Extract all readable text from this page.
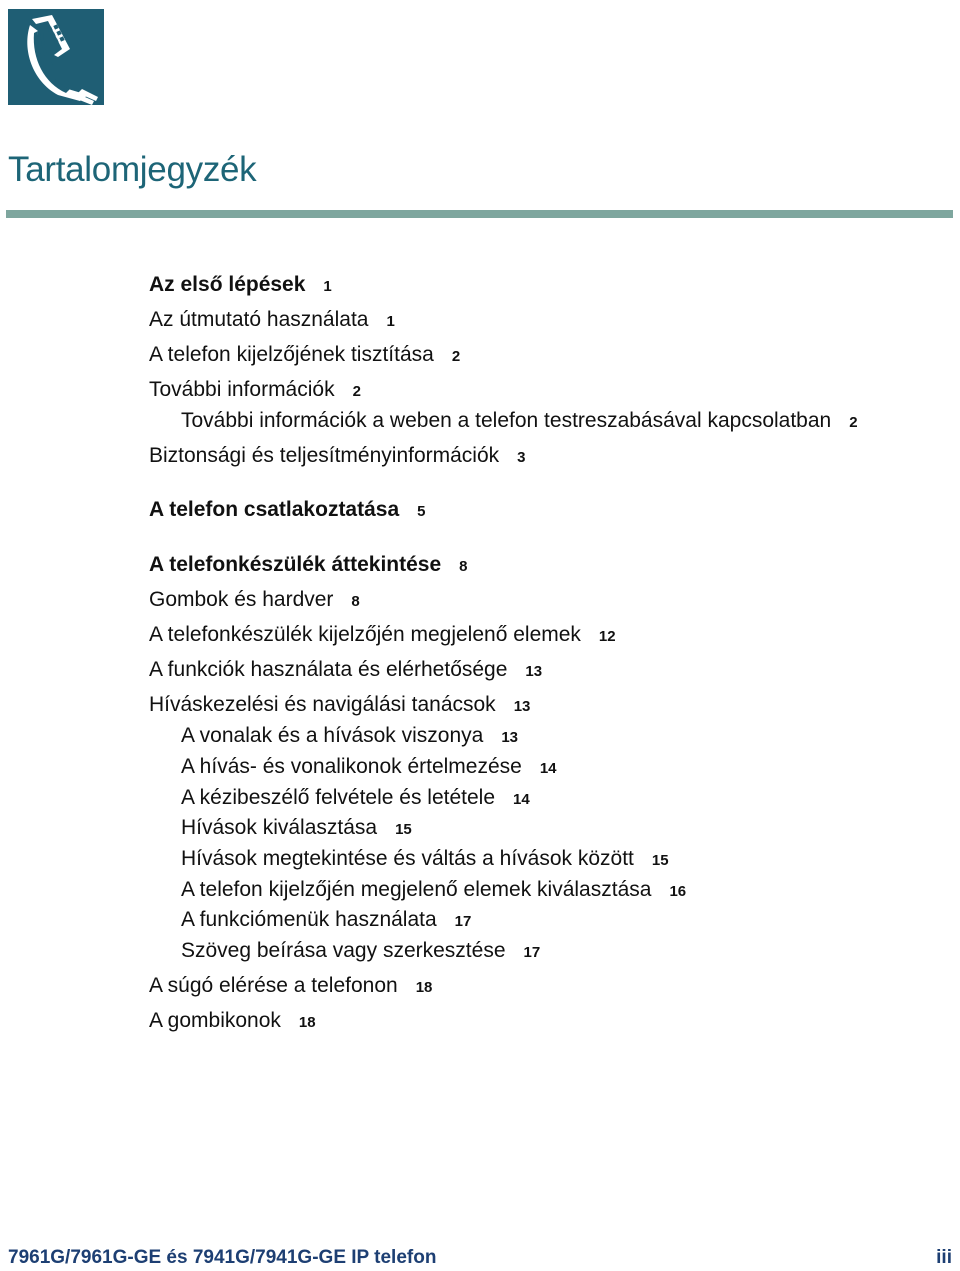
Tartalomjegyzék
Az első lépések 1
Az útmutató használata 1
A telefon kijelzőjének tisztítása 2
További információk 2
További információk a weben a telefon testreszabásával kapcsolatban 2
Biztonsági és teljesítményinformációk 3
A telefon csatlakoztatása 5
A telefonkészülék áttekintése 8
Gombok és hardver 8
A telefonkészülék kijelzőjén megjelenő elemek 12
A funkciók használata és elérhetősége 13
Híváskezelési és navigálási tanácsok 13
A vonalak és a hívások viszonya 13
A hívás- és vonalikonok értelmezése 14
A kézibeszélő felvétele és letétele 14
Hívások kiválasztása 15
Hívások megtekintése és váltás a hívások között 15
A telefon kijelzőjén megjelenő elemek kiválasztása 16
A funkciómenük használata 17
Szöveg beírása vagy szerkesztése 17
A súgó elérése a telefonon 18
A gombikonok 18
7961G/7961G-GE és 7941G/7941G-GE IP telefon	iii
